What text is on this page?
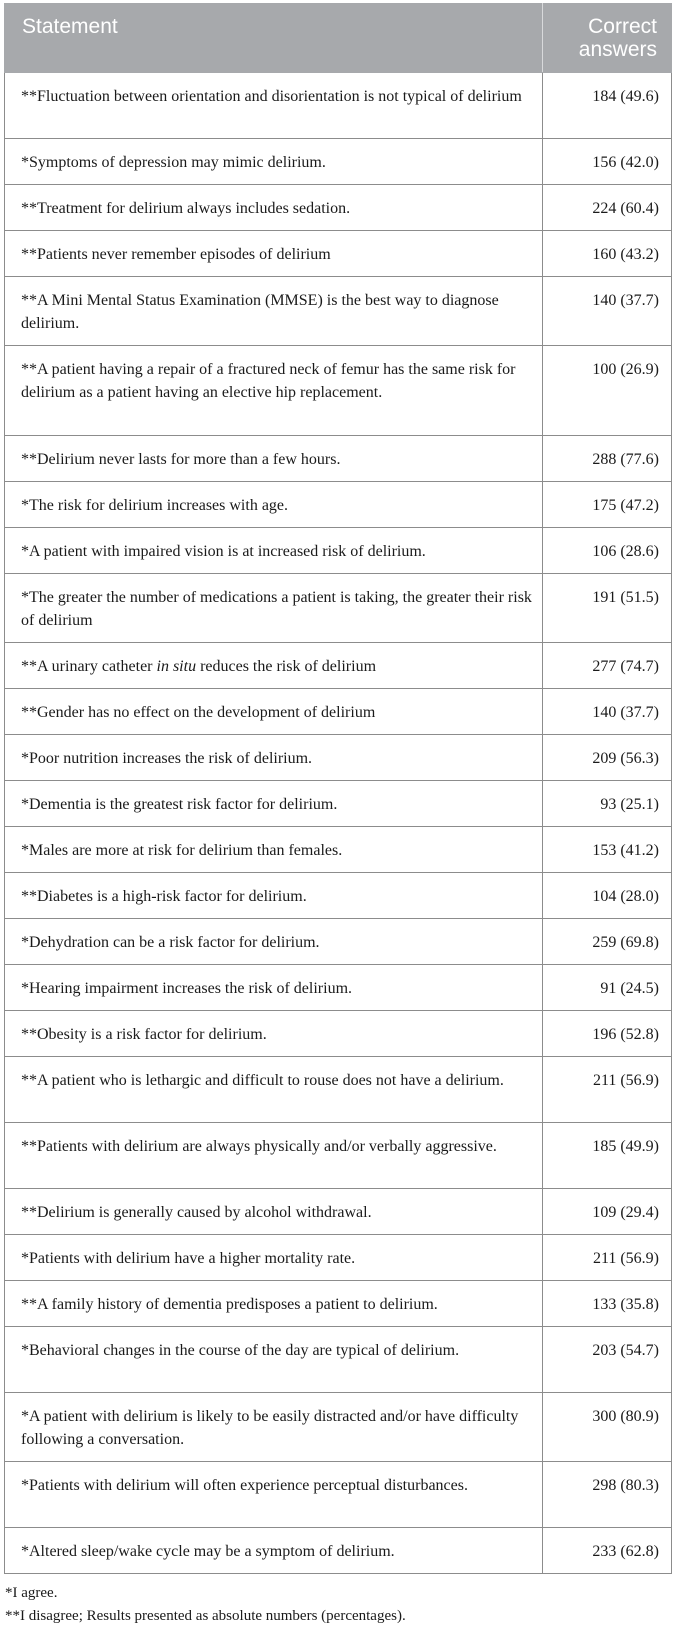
Statement	Correct
answers
**Fluctuation between orientation and disorientation is not typical of delirium	184 (49.6)
*Symptoms of depression may mimic delirium.	156 (42.0)
**Treatment for delirium always includes sedation.	224 (60.4)
**Patients never remember episodes of delirium	160 (43.2)
**A Mini Mental Status Examination (MMSE) is the best way to diagnose delirium.	140 (37.7)
**A patient having a repair of a fractured neck of femur has the same risk for delirium as a patient having an elective hip replacement.	100 (26.9)
**Delirium never lasts for more than a few hours.	288 (77.6)
*The risk for delirium increases with age.	175 (47.2)
*A patient with impaired vision is at increased risk of delirium.	106 (28.6)
*The greater the number of medications a patient is taking, the greater their risk of delirium	191 (51.5)
**A urinary catheter in situ reduces the risk of delirium	277 (74.7)
**Gender has no effect on the development of delirium	140 (37.7)
*Poor nutrition increases the risk of delirium.	209 (56.3)
*Dementia is the greatest risk factor for delirium.	93 (25.1)
*Males are more at risk for delirium than females.	153 (41.2)
**Diabetes is a high-risk factor for delirium.	104 (28.0)
*Dehydration can be a risk factor for delirium.	259 (69.8)
*Hearing impairment increases the risk of delirium.	91 (24.5)
**Obesity is a risk factor for delirium.	196 (52.8)
**A patient who is lethargic and difficult to rouse does not have a delirium.	211 (56.9)
**Patients with delirium are always physically and/or verbally aggressive.	185 (49.9)
**Delirium is generally caused by alcohol withdrawal.	109 (29.4)
*Patients with delirium have a higher mortality rate.	211 (56.9)
**A family history of dementia predisposes a patient to delirium.	133 (35.8)
*Behavioral changes in the course of the day are typical of delirium.	203 (54.7)
*A patient with delirium is likely to be easily distracted and/or have difficulty following a conversation.	300 (80.9)
*Patients with delirium will often experience perceptual disturbances.	298 (80.3)
*Altered sleep/wake cycle may be a symptom of delirium.	233 (62.8)
*I agree.
**I disagree; Results presented as absolute numbers (percentages).
